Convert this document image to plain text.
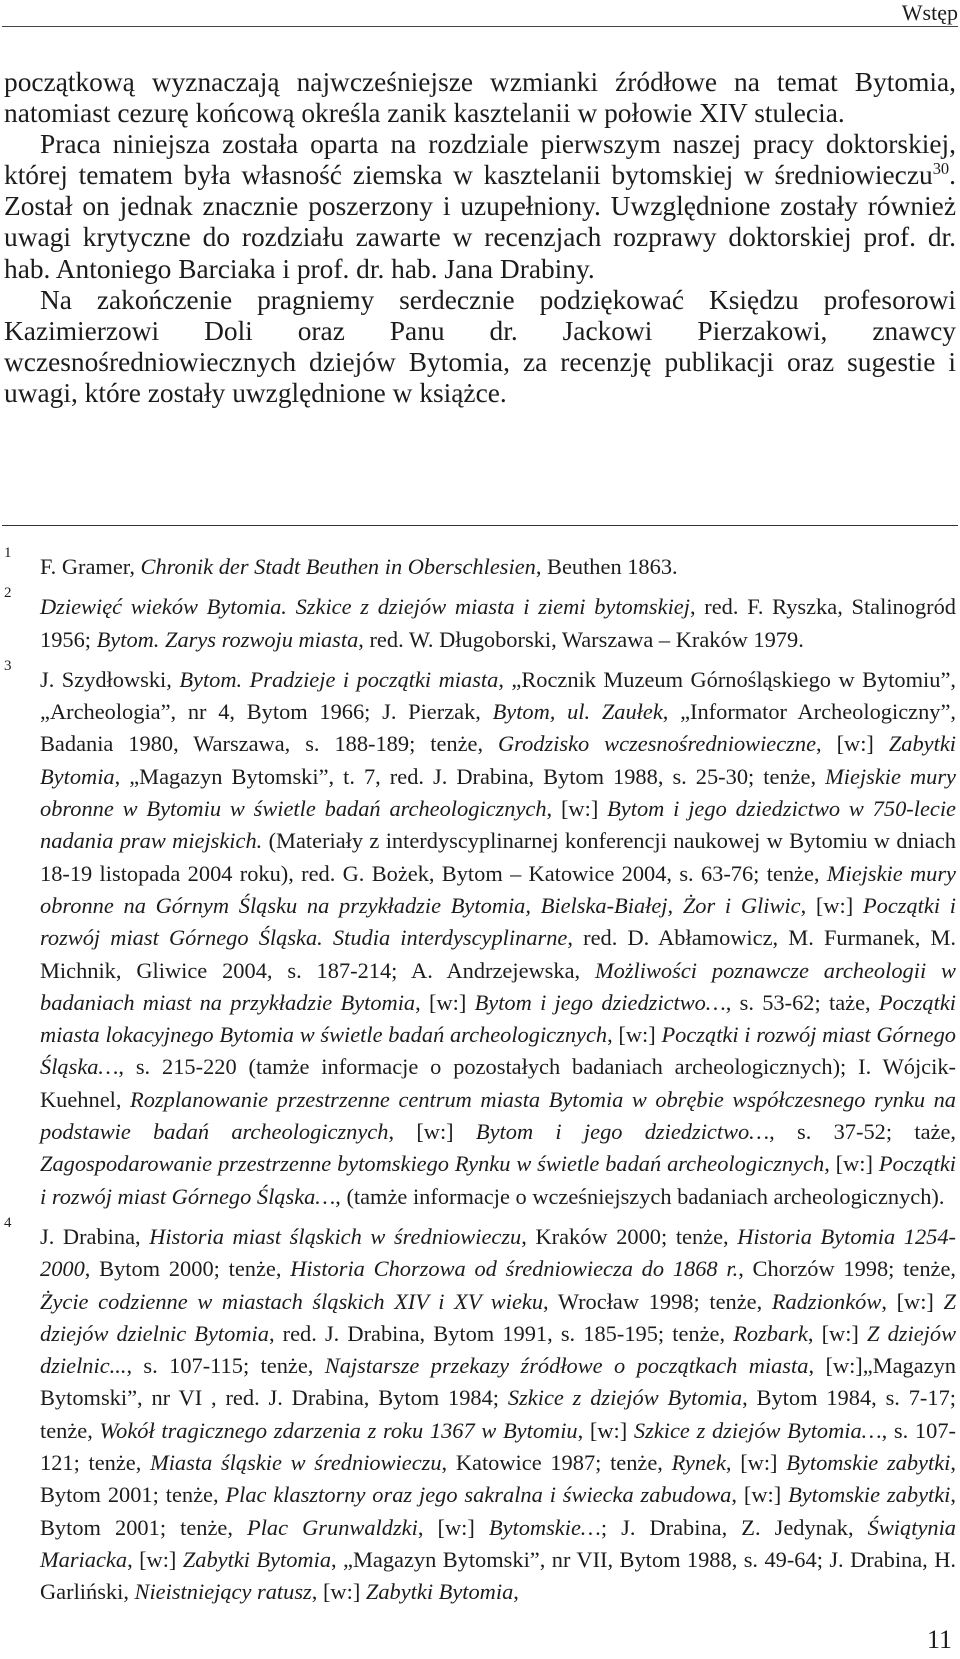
Wstęp

początkową wyznaczają najwcześniejsze wzmianki źródłowe na temat Bytomia, natomiast cezurę końcową określa zanik kasztelanii w połowie XIV stulecia.

Praca niniejsza została oparta na rozdziale pierwszym naszej pracy doktorskiej, której tematem była własność ziemska w kasztelanii bytomskiej w średniowieczu$^{30}$. Został on jednak znacznie poszerzony i uzupełniony. Uwzględnione zostały również uwagi krytyczne do rozdziału zawarte w recenzjach rozprawy doktorskiej prof. dr. hab. Antoniego Barciaka i prof. dr. hab. Jana Drabiny.

Na zakończenie pragniemy serdecznie podziękować Księdzu profesorowi Kazimierzowi Doli oraz Panu dr. Jackowi Pierzakowi, znawcy wczesnośredniowiecznych dziejów Bytomia, za recenzję publikacji oraz sugestie i uwagi, które zostały uwzględnione w książce.

1
F. Gramer, Chronik der Stadt Beuthen in Oberschlesien, Beuthen 1863.
2
Dziewięć wieków Bytomia. Szkice z dziejów miasta i ziemi bytomskiej, red. F. Ryszka, Stalinogród 1956; Bytom. Zarys rozwoju miasta, red. W. Długoborski, Warszawa – Kraków 1979.
3
J. Szydłowski, Bytom. Pradzieje i początki miasta, „Rocznik Muzeum Górnośląskiego w Bytomiu”, „Archeologia”, nr 4, Bytom 1966; J. Pierzak, Bytom, ul. Zaułek, „Informator Archeologiczny”, Badania 1980, Warszawa, s. 188-189; tenże, Grodzisko wczesnośredniowieczne, [w:] Zabytki Bytomia, „Magazyn Bytomski”, t. 7, red. J. Drabina, Bytom 1988, s. 25-30; tenże, Miejskie mury obronne w Bytomiu w świetle badań archeologicznych, [w:] Bytom i jego dziedzictwo w 750-lecie nadania praw miejskich. (Materiały z interdyscyplinarnej konferencji naukowej w Bytomiu w dniach 18-19 listopada 2004 roku), red. G. Bożek, Bytom – Katowice 2004, s. 63-76; tenże, Miejskie mury obronne na Górnym Śląsku na przykładzie Bytomia, Bielska-Białej, Żor i Gliwic, [w:] Początki i rozwój miast Górnego Śląska. Studia interdyscyplinarne, red. D. Abłamowicz, M. Furmanek, M. Michnik, Gliwice 2004, s. 187-214; A. Andrzejewska, Możliwości poznawcze archeologii w badaniach miast na przykładzie Bytomia, [w:] Bytom i jego dziedzictwo…, s. 53-62; taże, Początki miasta lokacyjnego Bytomia w świetle badań archeologicznych, [w:] Początki i rozwój miast Górnego Śląska…, s. 215-220 (tamże informacje o pozostałych badaniach archeologicznych); I. Wójcik-Kuehnel, Rozplanowanie przestrzenne centrum miasta Bytomia w obrębie współczesnego rynku na podstawie badań archeologicznych, [w:] Bytom i jego dziedzictwo…, s. 37-52; taże, Zagospodarowanie przestrzenne bytomskiego Rynku w świetle badań archeologicznych, [w:] Początki i rozwój miast Górnego Śląska…, (tamże informacje o wcześniejszych badaniach archeologicznych).
4
J. Drabina, Historia miast śląskich w średniowieczu, Kraków 2000; tenże, Historia Bytomia 1254-2000, Bytom 2000; tenże, Historia Chorzowa od średniowiecza do 1868 r., Chorzów 1998; tenże, Życie codzienne w miastach śląskich XIV i XV wieku, Wrocław 1998; tenże, Radzionków, [w:] Z dziejów dzielnic Bytomia, red. J. Drabina, Bytom 1991, s. 185-195; tenże, Rozbark, [w:] Z dziejów dzielnic..., s. 107-115; tenże, Najstarsze przekazy źródłowe o początkach miasta, [w:]„Magazyn Bytomski”, nr VI , red. J. Drabina, Bytom 1984; Szkice z dziejów Bytomia, Bytom 1984, s. 7-17; tenże, Wokół tragicznego zdarzenia z roku 1367 w Bytomiu, [w:] Szkice z dziejów Bytomia…, s. 107-121; tenże, Miasta śląskie w średniowieczu, Katowice 1987; tenże, Rynek, [w:] Bytomskie zabytki, Bytom 2001; tenże, Plac klasztorny oraz jego sakralna i świecka zabudowa, [w:] Bytomskie zabytki, Bytom 2001; tenże, Plac Grunwaldzki, [w:] Bytomskie…; J. Drabina, Z. Jedynak, Świątynia Mariacka, [w:] Zabytki Bytomia, „Magazyn Bytomski”, nr VII, Bytom 1988, s. 49-64; J. Drabina, H. Garliński, Nieistniejący ratusz, [w:] Zabytki Bytomia,
11
